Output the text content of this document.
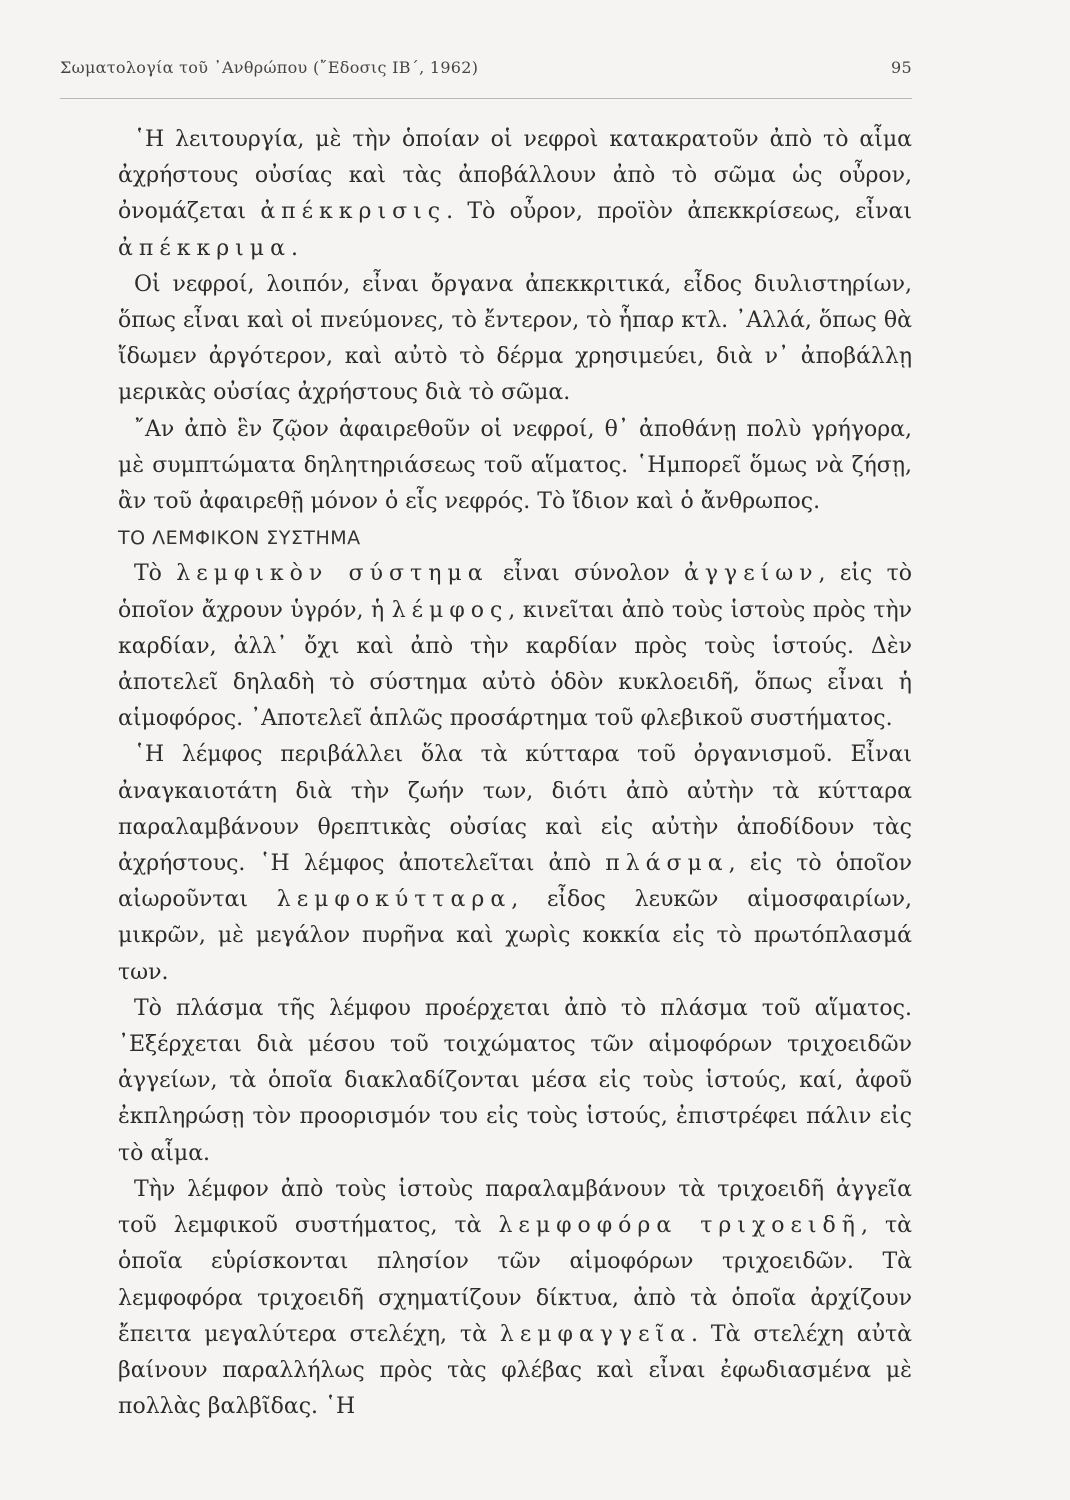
Σωματολογία τοῦ ᾿Ανθρώπου (῎Εδοσις ΙΒ΄, 1962)	95

῾Η λειτουργία, μὲ τὴν ὁποίαν οἱ νεφροὶ κατακρατοῦν ἀπὸ τὸ αἷμα ἀχρήστους οὐσίας καὶ τὰς ἀποβάλλουν ἀπὸ τὸ σῶμα ὡς οὖρον, ὀνομάζεται ἀπέκκρισις. Τὸ οὖρον, προϊὸν ἀπεκκρίσεως, εἶναι ἀπέκκριμα.

Οἱ νεφροί, λοιπόν, εἶναι ὄργανα ἀπεκκριτικά, εἶδος διυλιστηρίων, ὅπως εἶναι καὶ οἱ πνεύμονες, τὸ ἔντερον, τὸ ἧπαρ κτλ. ᾿Αλλά, ὅπως θὰ ἴδωμεν ἀργότερον, καὶ αὐτὸ τὸ δέρμα χρησιμεύει, διὰ ν᾿ ἀποβάλλῃ μερικὰς οὐσίας ἀχρήστους διὰ τὸ σῶμα.

῎Αν ἀπὸ ἓν ζῷον ἀφαιρεθοῦν οἱ νεφροί, θ᾿ ἀποθάνῃ πολὺ γρήγορα, μὲ συμπτώματα δηλητηριάσεως τοῦ αἵματος. ῾Ημπορεῖ ὅμως νὰ ζήσῃ, ἂν τοῦ ἀφαιρεθῇ μόνον ὁ εἷς νεφρός. Τὸ ἴδιον καὶ ὁ ἄνθρωπος.

ΤΟ ΛΕΜΦΙΚΟΝ ΣΥΣΤΗΜΑ

Τὸ λεμφικὸν σύστημα εἶναι σύνολον ἀγγείων, εἰς τὸ ὁποῖον ἄχρουν ὑγρόν, ἡ λέμφος, κινεῖται ἀπὸ τοὺς ἱστοὺς πρὸς τὴν καρδίαν, ἀλλ᾿ ὄχι καὶ ἀπὸ τὴν καρδίαν πρὸς τοὺς ἱστούς. Δὲν ἀποτελεῖ δηλαδὴ τὸ σύστημα αὐτὸ ὁδὸν κυκλοειδῆ, ὅπως εἶναι ἡ αἱμοφόρος. ᾿Αποτελεῖ ἁπλῶς προσάρτημα τοῦ φλεβικοῦ συστήματος.

῾Η λέμφος περιβάλλει ὅλα τὰ κύτταρα τοῦ ὀργανισμοῦ. Εἶναι ἀναγκαιοτάτη διὰ τὴν ζωήν των, διότι ἀπὸ αὐτὴν τὰ κύτταρα παραλαμβάνουν θρεπτικὰς οὐσίας καὶ εἰς αὐτὴν ἀποδίδουν τὰς ἀχρήστους. ῾Η λέμφος ἀποτελεῖται ἀπὸ πλάσμα, εἰς τὸ ὁποῖον αἰωροῦνται λεμφοκύτταρα, εἶδος λευκῶν αἱμοσφαιρίων, μικρῶν, μὲ μεγάλον πυρῆνα καὶ χωρὶς κοκκία εἰς τὸ πρωτόπλασμά των.

Τὸ πλάσμα τῆς λέμφου προέρχεται ἀπὸ τὸ πλάσμα τοῦ αἵματος. ᾿Εξέρχεται διὰ μέσου τοῦ τοιχώματος τῶν αἱμοφόρων τριχοειδῶν ἀγγείων, τὰ ὁποῖα διακλαδίζονται μέσα εἰς τοὺς ἱστούς, καί, ἀφοῦ ἐκπληρώσῃ τὸν προορισμόν του εἰς τοὺς ἱστούς, ἐπιστρέφει πάλιν εἰς τὸ αἷμα.

Τὴν λέμφον ἀπὸ τοὺς ἱστοὺς παραλαμβάνουν τὰ τριχοειδῆ ἀγγεῖα τοῦ λεμφικοῦ συστήματος, τὰ λεμφοφόρα τριχοειδῆ, τὰ ὁποῖα εὑρίσκονται πλησίον τῶν αἱμοφόρων τριχοειδῶν. Τὰ λεμφοφόρα τριχοειδῆ σχηματίζουν δίκτυα, ἀπὸ τὰ ὁποῖα ἀρχίζουν ἔπειτα μεγαλύτερα στελέχη, τὰ λεμφαγγεῖα. Τὰ στελέχη αὐτὰ βαίνουν παραλλήλως πρὸς τὰς φλέβας καὶ εἶναι ἐφωδιασμένα μὲ πολλὰς βαλβῖδας. ῾Η
